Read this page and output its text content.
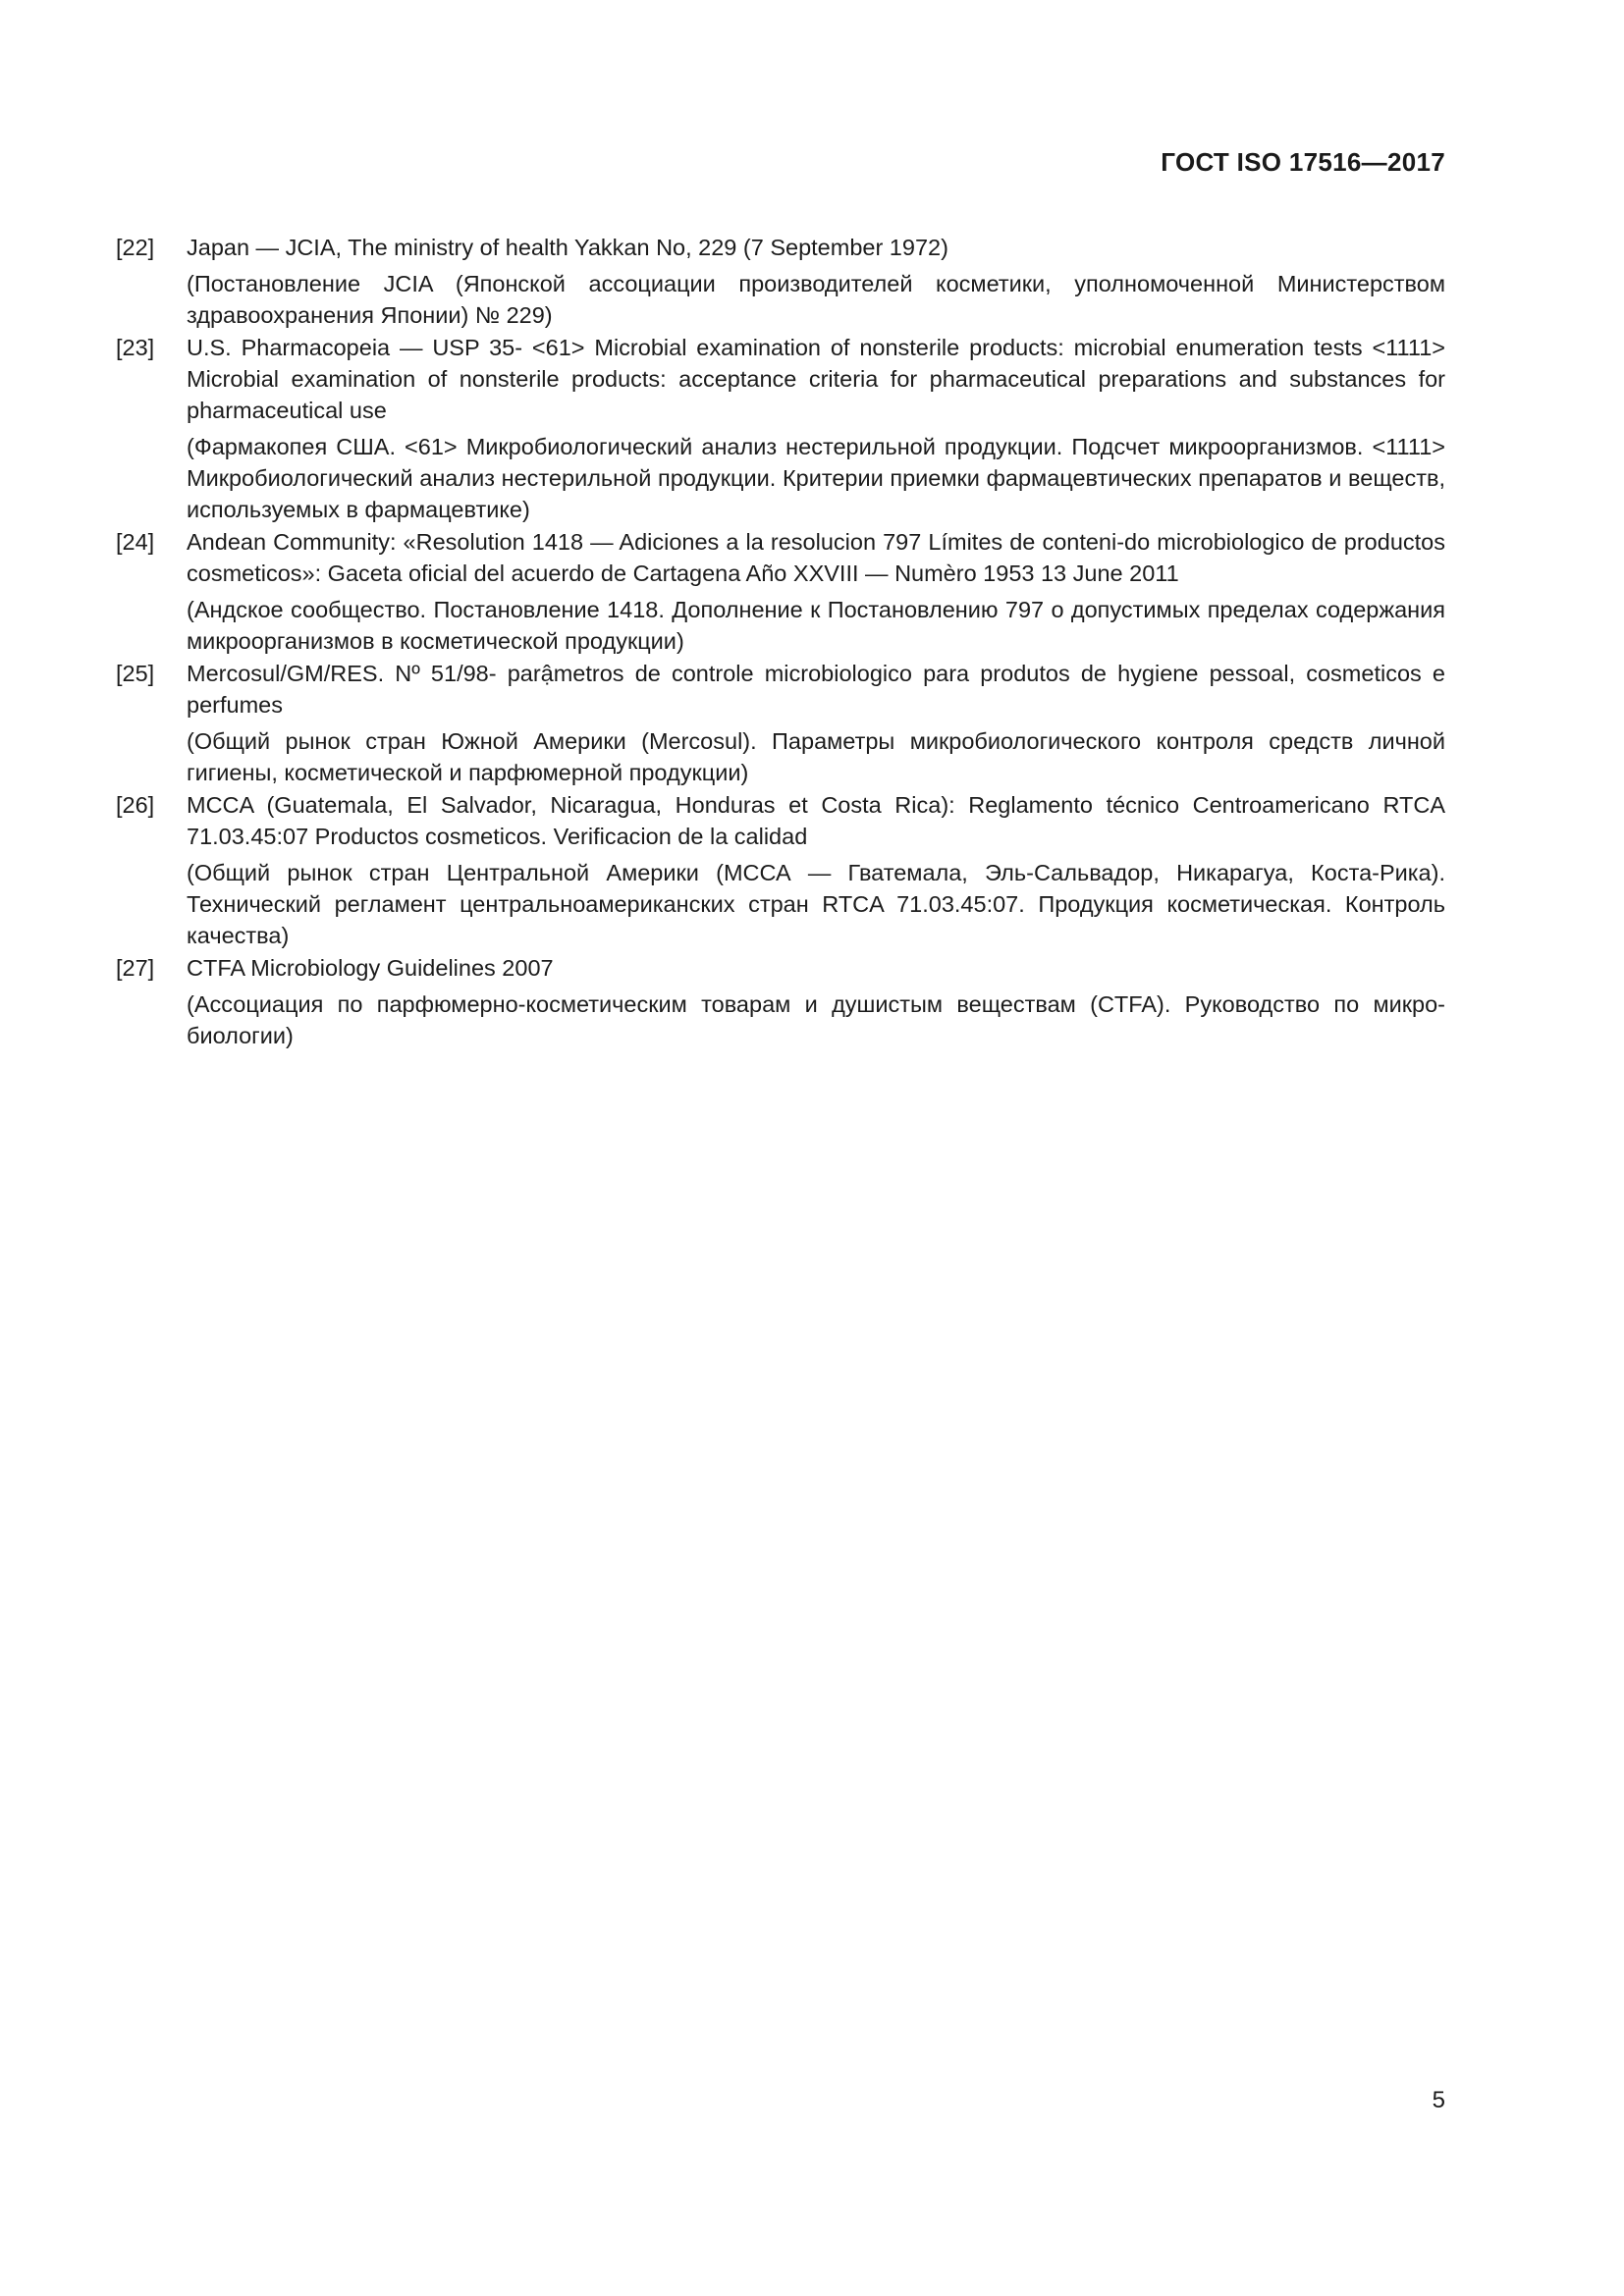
ГОСТ ISO 17516—2017
[22]	Japan — JCIA, The ministry of health Yakkan No, 229 (7 September 1972)

(Постановление JCIA (Японской ассоциации производителей косметики, уполномоченной Министерством здравоохранения Японии) № 229)

[23]	U.S. Pharmacopeia — USP 35- <61> Microbial examination of nonsterile products: microbial enumeration tests <1111> Microbial examination of nonsterile products: acceptance criteria for pharmaceutical preparations and substances for pharmaceutical use

(Фармакопея США. <61> Микробиологический анализ нестерильной продукции. Подсчет микроорганизмов. <1111> Микробиологический анализ нестерильной продукции. Критерии приемки фармацевтических препаратов и веществ, используемых в фармацевтике)

[24]	Andean Community: «Resolution 1418 — Adiciones a la resolucion 797 Límites de conteni-do microbiologico de productos cosmeticos»: Gaceta oficial del acuerdo de Cartagena Año XXVIII — Numèro 1953 13 June 2011

(Андское сообщество. Постановление 1418. Дополнение к Постановлению 797 о допустимых пределах содержания микроорганизмов в косметической продукции)

[25]	Mercosul/GM/RES. Nº 51/98- parậmetros de controle microbiologico para produtos de hygiene pessoal, cosmeticos e perfumes

(Общий рынок стран Южной Америки (Mercosul). Параметры микробиологического контроля средств личной гигиены, косметической и парфюмерной продукции)

[26]	MCCA (Guatemala, El Salvador, Nicaragua, Honduras et Costa Rica): Reglamento técnico Centroamericano RTCA 71.03.45:07 Productos cosmeticos. Verificacion de la calidad

(Общий рынок стран Центральной Америки (МССА — Гватемала, Эль-Сальвадор, Никарагуа, Коста-Рика). Технический регламент центральноамериканских стран RTCA 71.03.45:07. Продукция косметическая. Контроль качества)

[27]	CTFA Microbiology Guidelines 2007

(Ассоциация по парфюмерно-косметическим товарам и душистым веществам (CTFA). Руководство по микробиологии)

5
